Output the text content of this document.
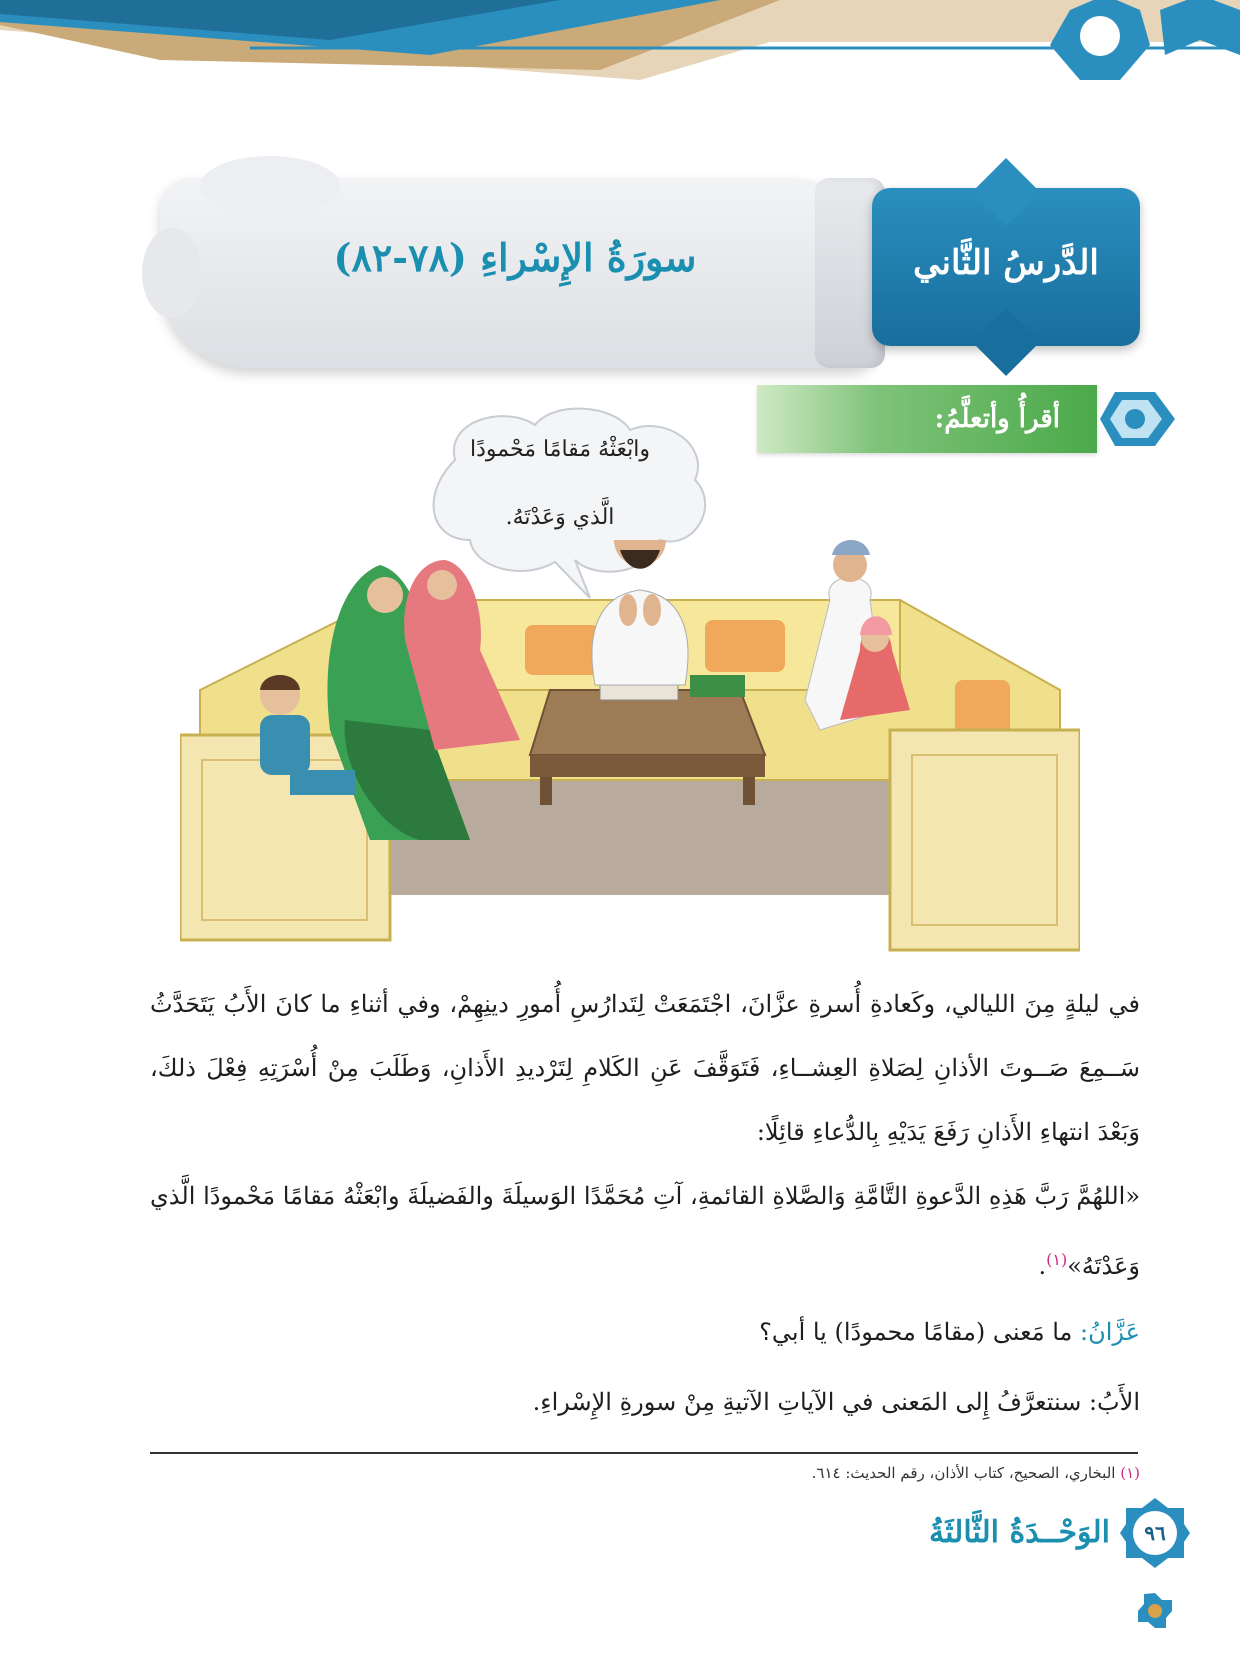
سورَةُ الإِسْراءِ (٧٨-٨٢)	الدَّرسُ الثَّاني
أقرأُ وأتعلَّمُ:
وابْعَثْهُ مَقامًا مَحْمودًا
الَّذي وَعَدْتَهُ.
في ليلةٍ مِنَ الليالي، وكَعادةِ أُسرةِ عزَّانَ، اجْتَمَعَتْ لِتَدارُسِ أُمورِ دينِهِمْ، وفي أثناءِ ما كانَ الأَبُ يَتَحَدَّثُ سَــمِعَ صَــوتَ الأذانِ لِصَلاةِ العِشــاءِ، فَتَوَقَّفَ عَنِ الكَلامِ لِتَرْديدِ الأَذانِ، وَطَلَبَ مِنْ أُسْرَتِهِ فِعْلَ ذلكَ، وَبَعْدَ انتهاءِ الأَذانِ رَفَعَ يَدَيْهِ بِالدُّعاءِ قائِلًا:
«اللهُمَّ رَبَّ هَذِهِ الدَّعوةِ التَّامَّةِ وَالصَّلاةِ القائمةِ، آتِ مُحَمَّدًا الوَسيلَةَ والفَضيلَةَ وابْعَثْهُ مَقامًا مَحْمودًا الَّذي وَعَدْتَهُ»$^{(١)}$.
عَزَّانُ: ما مَعنى (مقامًا محمودًا) يا أبي؟
الأَبُ: سنتعرَّفُ إِلى المَعنى في الآياتِ الآتيةِ مِنْ سورةِ الإِسْراءِ.
(١) البخاري، الصحيح، كتاب الأذان، رقم الحديث: ٦١٤.
الوَحْــدَةُ الثَّالثَةُ	٩٦
